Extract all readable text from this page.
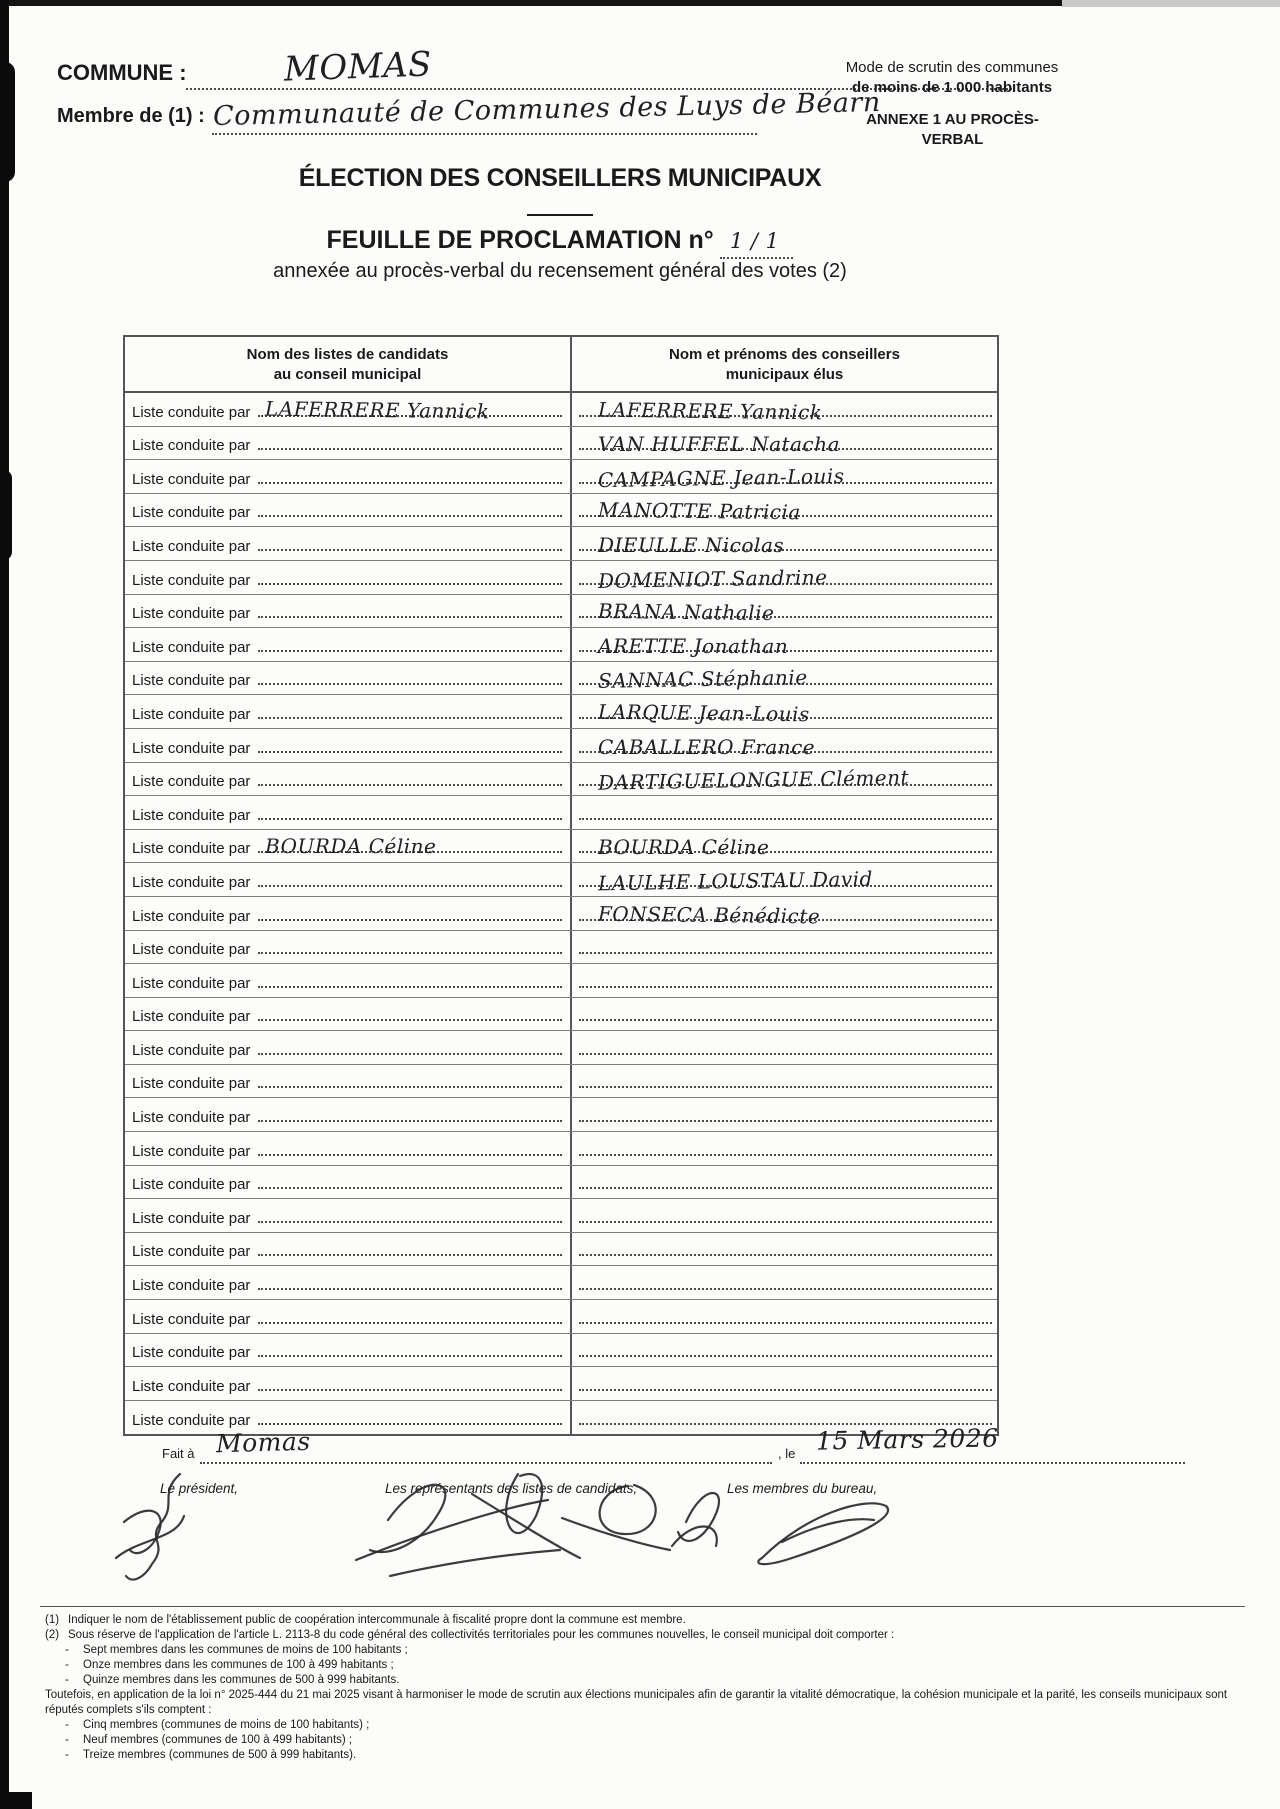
COMMUNE :	MOMAS
Membre de (1) : Communauté de Communes des Luys de Béarn
Mode de scrutin des communes
de moins de 1 000 habitants
ANNEXE 1 AU PROCÈS-VERBAL
ÉLECTION DES CONSEILLERS MUNICIPAUX
FEUILLE DE PROCLAMATION n° 1 / 1
annexée au procès-verbal du recensement général des votes (2)
Nom des listes de candidats
au conseil municipal
Nom et prénoms des conseillers
municipaux élus
Liste conduite par LAFERRERE Yannick	LAFERRERE Yannick
Liste conduite par	VAN HUFFEL Natacha
Liste conduite par	CAMPAGNE Jean-Louis
Liste conduite par	MANOTTE Patricia
Liste conduite par	DIEULLE Nicolas
Liste conduite par	DOMENIOT Sandrine
Liste conduite par	BRANA Nathalie
Liste conduite par	ARETTE Jonathan
Liste conduite par	SANNAC Stéphanie
Liste conduite par	LARQUE Jean-Louis
Liste conduite par	CABALLERO France
Liste conduite par	DARTIGUELONGUE Clément
Liste conduite par
Liste conduite par BOURDA Céline	BOURDA Céline
Liste conduite par	LAULHE LOUSTAU David
Liste conduite par	FONSECA Bénédicte
Liste conduite par
Liste conduite par
Liste conduite par
Liste conduite par
Liste conduite par
Liste conduite par
Liste conduite par
Liste conduite par
Liste conduite par
Liste conduite par
Liste conduite par
Liste conduite par
Liste conduite par
Liste conduite par
Liste conduite par
Fait à Momas	, le 15 Mars 2026
Le président,	Les représentants des listes de candidats,	Les membres du bureau,
(1) Indiquer le nom de l'établissement public de coopération intercommunale à fiscalité propre dont la commune est membre.
(2) Sous réserve de l'application de l'article L. 2113-8 du code général des collectivités territoriales pour les communes nouvelles, le conseil municipal doit comporter :
- Sept membres dans les communes de moins de 100 habitants ;
- Onze membres dans les communes de 100 à 499 habitants ;
- Quinze membres dans les communes de 500 à 999 habitants.

Toutefois, en application de la loi n° 2025-444 du 21 mai 2025 visant à harmoniser le mode de scrutin aux élections municipales afin de garantir la vitalité démocratique, la cohésion municipale et la parité, les conseils municipaux sont réputés complets s'ils comptent :

- Cinq membres (communes de moins de 100 habitants) ;
- Neuf membres (communes de 100 à 499 habitants) ;
- Treize membres (communes de 500 à 999 habitants).
